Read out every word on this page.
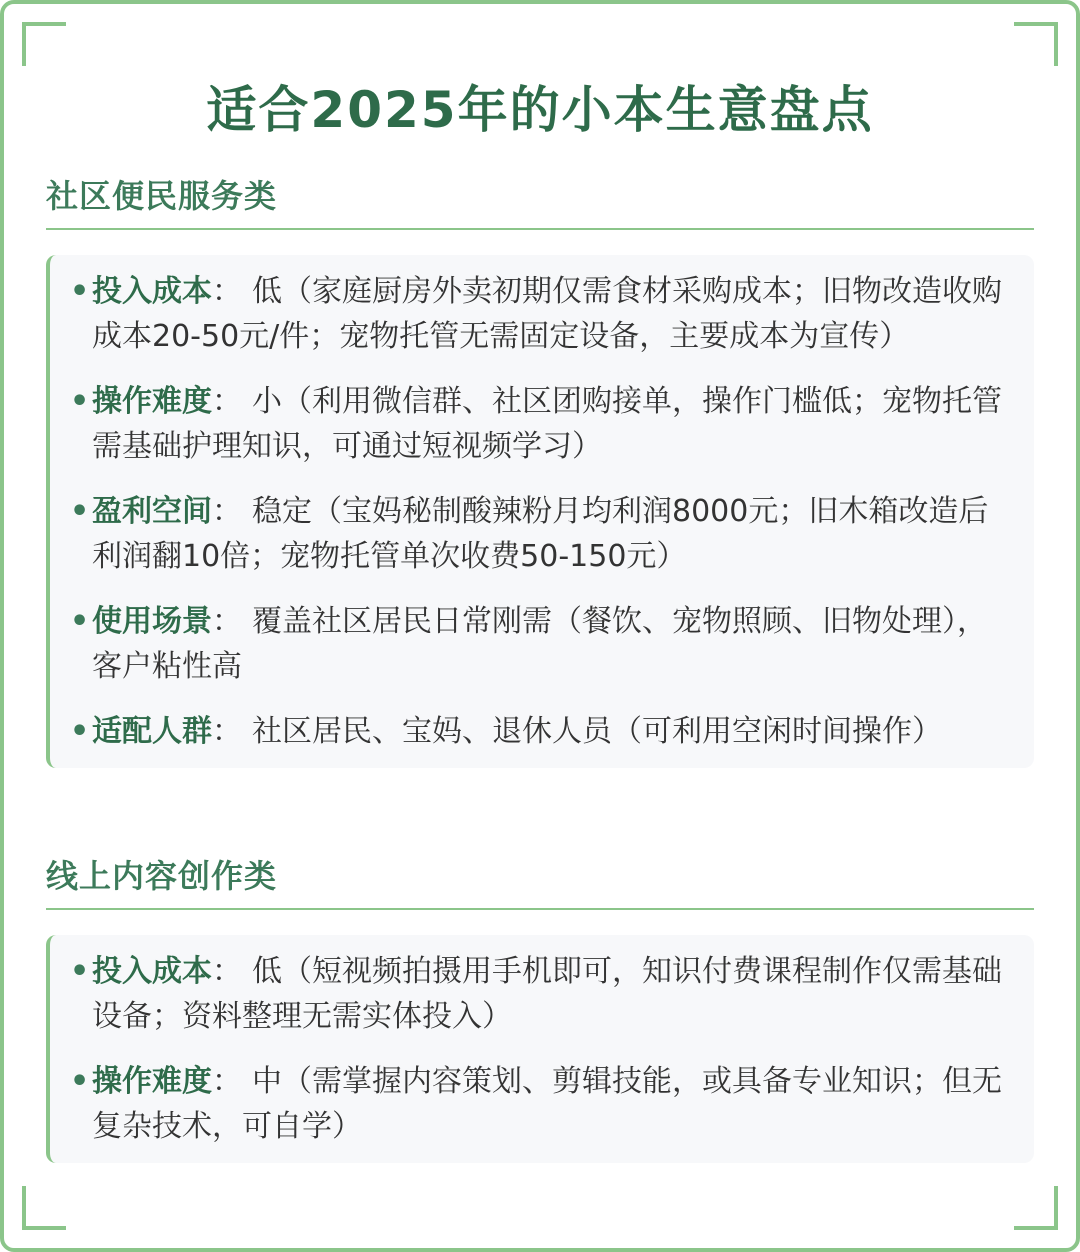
适合2025年的小本生意盘点
社区便民服务类

• 投入成本： 低（家庭厨房外卖初期仅需食材采购成本；旧物改造收购成本20-50元/件；宠物托管无需固定设备，主要成本为宣传）

• 操作难度： 小（利用微信群、社区团购接单，操作门槛低；宠物托管需基础护理知识，可通过短视频学习）

• 盈利空间： 稳定（宝妈秘制酸辣粉月均利润8000元；旧木箱改造后利润翻10倍；宠物托管单次收费50-150元）

• 使用场景： 覆盖社区居民日常刚需（餐饮、宠物照顾、旧物处理），客户粘性高

• 适配人群： 社区居民、宝妈、退休人员（可利用空闲时间操作）

线上内容创作类

• 投入成本： 低（短视频拍摄用手机即可，知识付费课程制作仅需基础设备；资料整理无需实体投入）

• 操作难度： 中（需掌握内容策划、剪辑技能，或具备专业知识；但无复杂技术，可自学）
